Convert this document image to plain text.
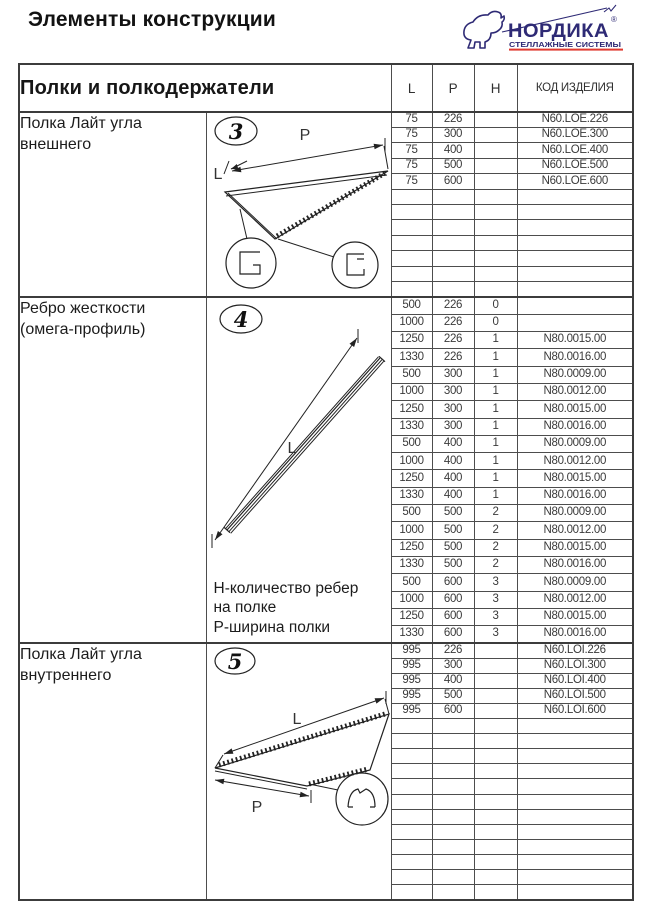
Элементы конструкции	НОРДИКА
®
СТЕЛЛАЖНЫЕ СИСТЕМЫ
Полки и полкодержатели		L	P	H	КОД ИЗДЕЛИЯ

Полка Лайт угла
внешнего

3	P
L
	75	226		N60.LOE.226
		75	300		N60.LOE.300
		75	400		N60.LOE.400
		75	500		N60.LOE.500
		75	600		N60.LOE.600

Ребро жесткости
(омега-профиль)	4
L
Н-количество ребер
на полке
Р-ширина полки
	500	226	0	
		1000	226	0	
		1250	226	1	N80.0015.00
		1330	226	1	N80.0016.00
		500	300	1	N80.0009.00
		1000	300	1	N80.0012.00
		1250	300	1	N80.0015.00
		1330	300	1	N80.0016.00
		500	400	1	N80.0009.00
		1000	400	1	N80.0012.00
		1250	400	1	N80.0015.00
		1330	400	1	N80.0016.00
		500	500	2	N80.0009.00
		1000	500	2	N80.0012.00
		1250	500	2	N80.0015.00
		1330	500	2	N80.0016.00
		500	600	3	N80.0009.00
		1000	600	3	N80.0012.00
		1250	600	3	N80.0015.00
		1330	600	3	N80.0016.00

Полка Лайт угла
внутреннего

5
L
P
	995	226		N60.LOI.226
		995	300		N60.LOI.300
		995	400		N60.LOI.400
		995	500		N60.LOI.500
		995	600		N60.LOI.600
